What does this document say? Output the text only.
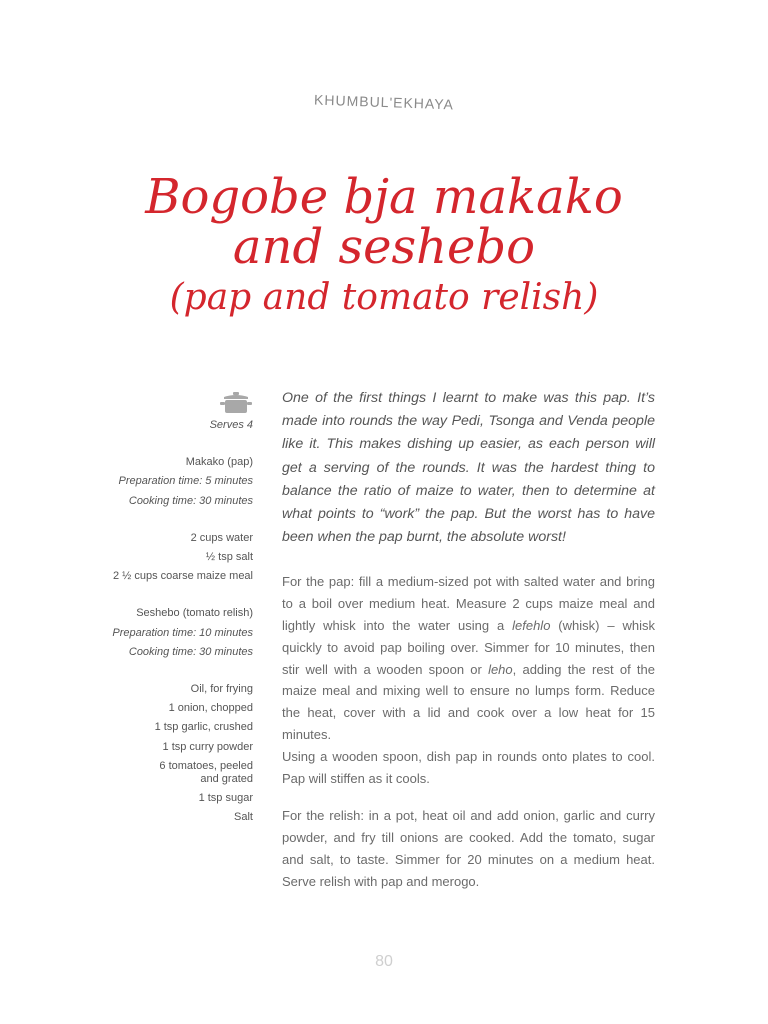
KHUMBUL'EKHAYA
Bogobe bja makako
and seshebo
(pap and tomato relish)
Serves 4
Makako (pap)
Preparation time: 5 minutes
Cooking time: 30 minutes
2 cups water
½ tsp salt
2 ½ cups coarse maize meal
Seshebo (tomato relish)
Preparation time: 10 minutes
Cooking time: 30 minutes
Oil, for frying
1 onion, chopped
1 tsp garlic, crushed
1 tsp curry powder
6 tomatoes, peeled and grated
1 tsp sugar
Salt

One of the first things I learnt to make was this pap. It’s made into rounds the way Pedi, Tsonga and Venda people like it. This makes dishing up easier, as each person will get a serving of the rounds. It was the hardest thing to balance the ratio of maize to water, then to determine at what points to “work” the pap. But the worst has to have been when the pap burnt, the absolute worst!

For the pap: fill a medium-sized pot with salted water and bring to a boil over medium heat. Measure 2 cups maize meal and lightly whisk into the water using a lefehlo (whisk) – whisk quickly to avoid pap boiling over. Simmer for 10 minutes, then stir well with a wooden spoon or leho, adding the rest of the maize meal and mixing well to ensure no lumps form. Reduce the heat, cover with a lid and cook over a low heat for 15 minutes.

Using a wooden spoon, dish pap in rounds onto plates to cool. Pap will stiffen as it cools.

For the relish: in a pot, heat oil and add onion, garlic and curry powder, and fry till onions are cooked. Add the tomato, sugar and salt, to taste. Simmer for 20 minutes on a medium heat. Serve relish with pap and merogo.

80
